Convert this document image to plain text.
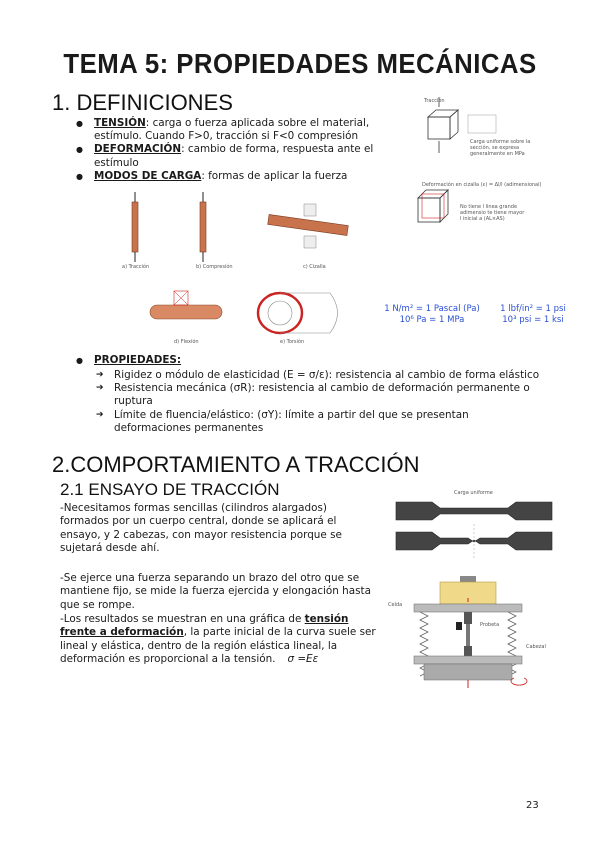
TEMA 5: PROPIEDADES MECÁNICAS
1. DEFINICIONES
● TENSIÓN: carga o fuerza aplicada sobre el material, estímulo. Cuando F>0, tracción si F<0 compresión
● DEFORMACIÓN: cambio de forma, respuesta ante el estímulo
● MODOS DE CARGA: formas de aplicar la fuerza
Tracción
Carga uniforme sobre la
sección, se expresa
generalmente en MPa
Deformación en cizalla (ε) = Δl/l (adimensional)
No tiene l linea grande
adimensio te tiene mayor
l inicial a (AL×AS)
a) Tracción	b) Compresión	c) Cizalla
d) Flexión	e) Torsión
1 N/m² = 1 Pascal (Pa)
10⁶ Pa = 1 MPa
1 lbf/in² = 1 psi
10³ psi = 1 ksi
● PROPIEDADES:
➔ Rigidez o módulo de elasticidad (E = σ/ε): resistencia al cambio de forma elástico
➔ Resistencia mecánica (σR): resistencia al cambio de deformación permanente o ruptura
➔ Límite de fluencia/elástico: (σY): límite a partir del que se presentan deformaciones permanentes
2.COMPORTAMIENTO A TRACCIÓN
2.1 ENSAYO DE TRACCIÓN
-Necesitamos formas sencillas (cilindros alargados) formados por un cuerpo central, donde se aplicará el ensayo, y 2 cabezas, con mayor resistencia porque se sujetará desde ahí.
-Se ejerce una fuerza separando un brazo del otro que se mantiene fijo, se mide la fuerza ejercida y elongación hasta que se rompe.
-Los resultados se muestran en una gráfica de tensión frente a deformación, la parte inicial de la curva suele ser lineal y elástica, dentro de la región elástica lineal, la deformación es proporcional a la tensión. σ =Eε
Carga uniforme
Celda
Cabezal
Probeta
23
